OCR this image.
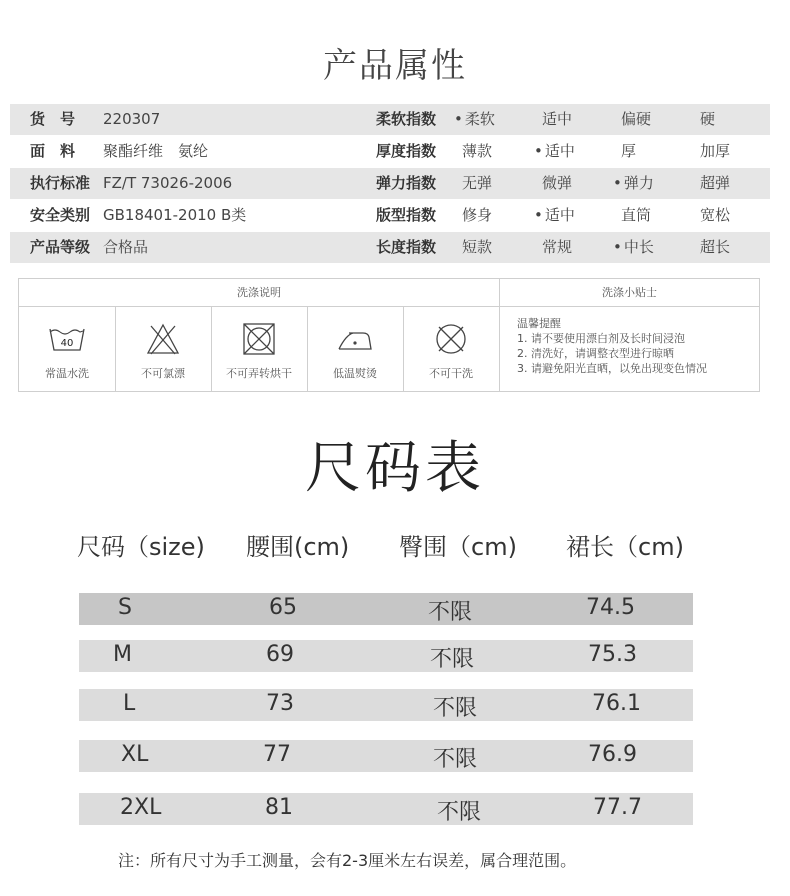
产品属性
货　号 220307	柔软指数	• 柔软	适中	偏硬	硬
面　料 聚酯纤维　氨纶	厚度指数 薄款	• 适中	厚	加厚
执行标准 FZ/T 73026-2006	弹力指数 无弹	微弹	• 弹力	超弹
安全类别 GB18401-2010 B类	版型指数 修身	• 适中	直筒	宽松
产品等级 合格品	长度指数 短款	常规	• 中长	超长
洗涤说明	洗涤小贴士
40
常温水洗	不可氯漂	不可弄转烘干	低温熨烫	不可干洗
温馨提醒
1. 请不要使用漂白剂及长时间浸泡
2. 清洗好，请调整衣型进行晾晒
3. 请避免阳光直晒，以免出现变色情况
尺码表
尺码（size) 腰围(cm) 臀围（cm) 裙长（cm)
S	65	不限	74.5
M	69	不限	75.3
L	73	不限	76.1
XL	77	不限	76.9
2XL	81	不限	77.7
注：所有尺寸为手工测量，会有2-3厘米左右误差，属合理范围。
